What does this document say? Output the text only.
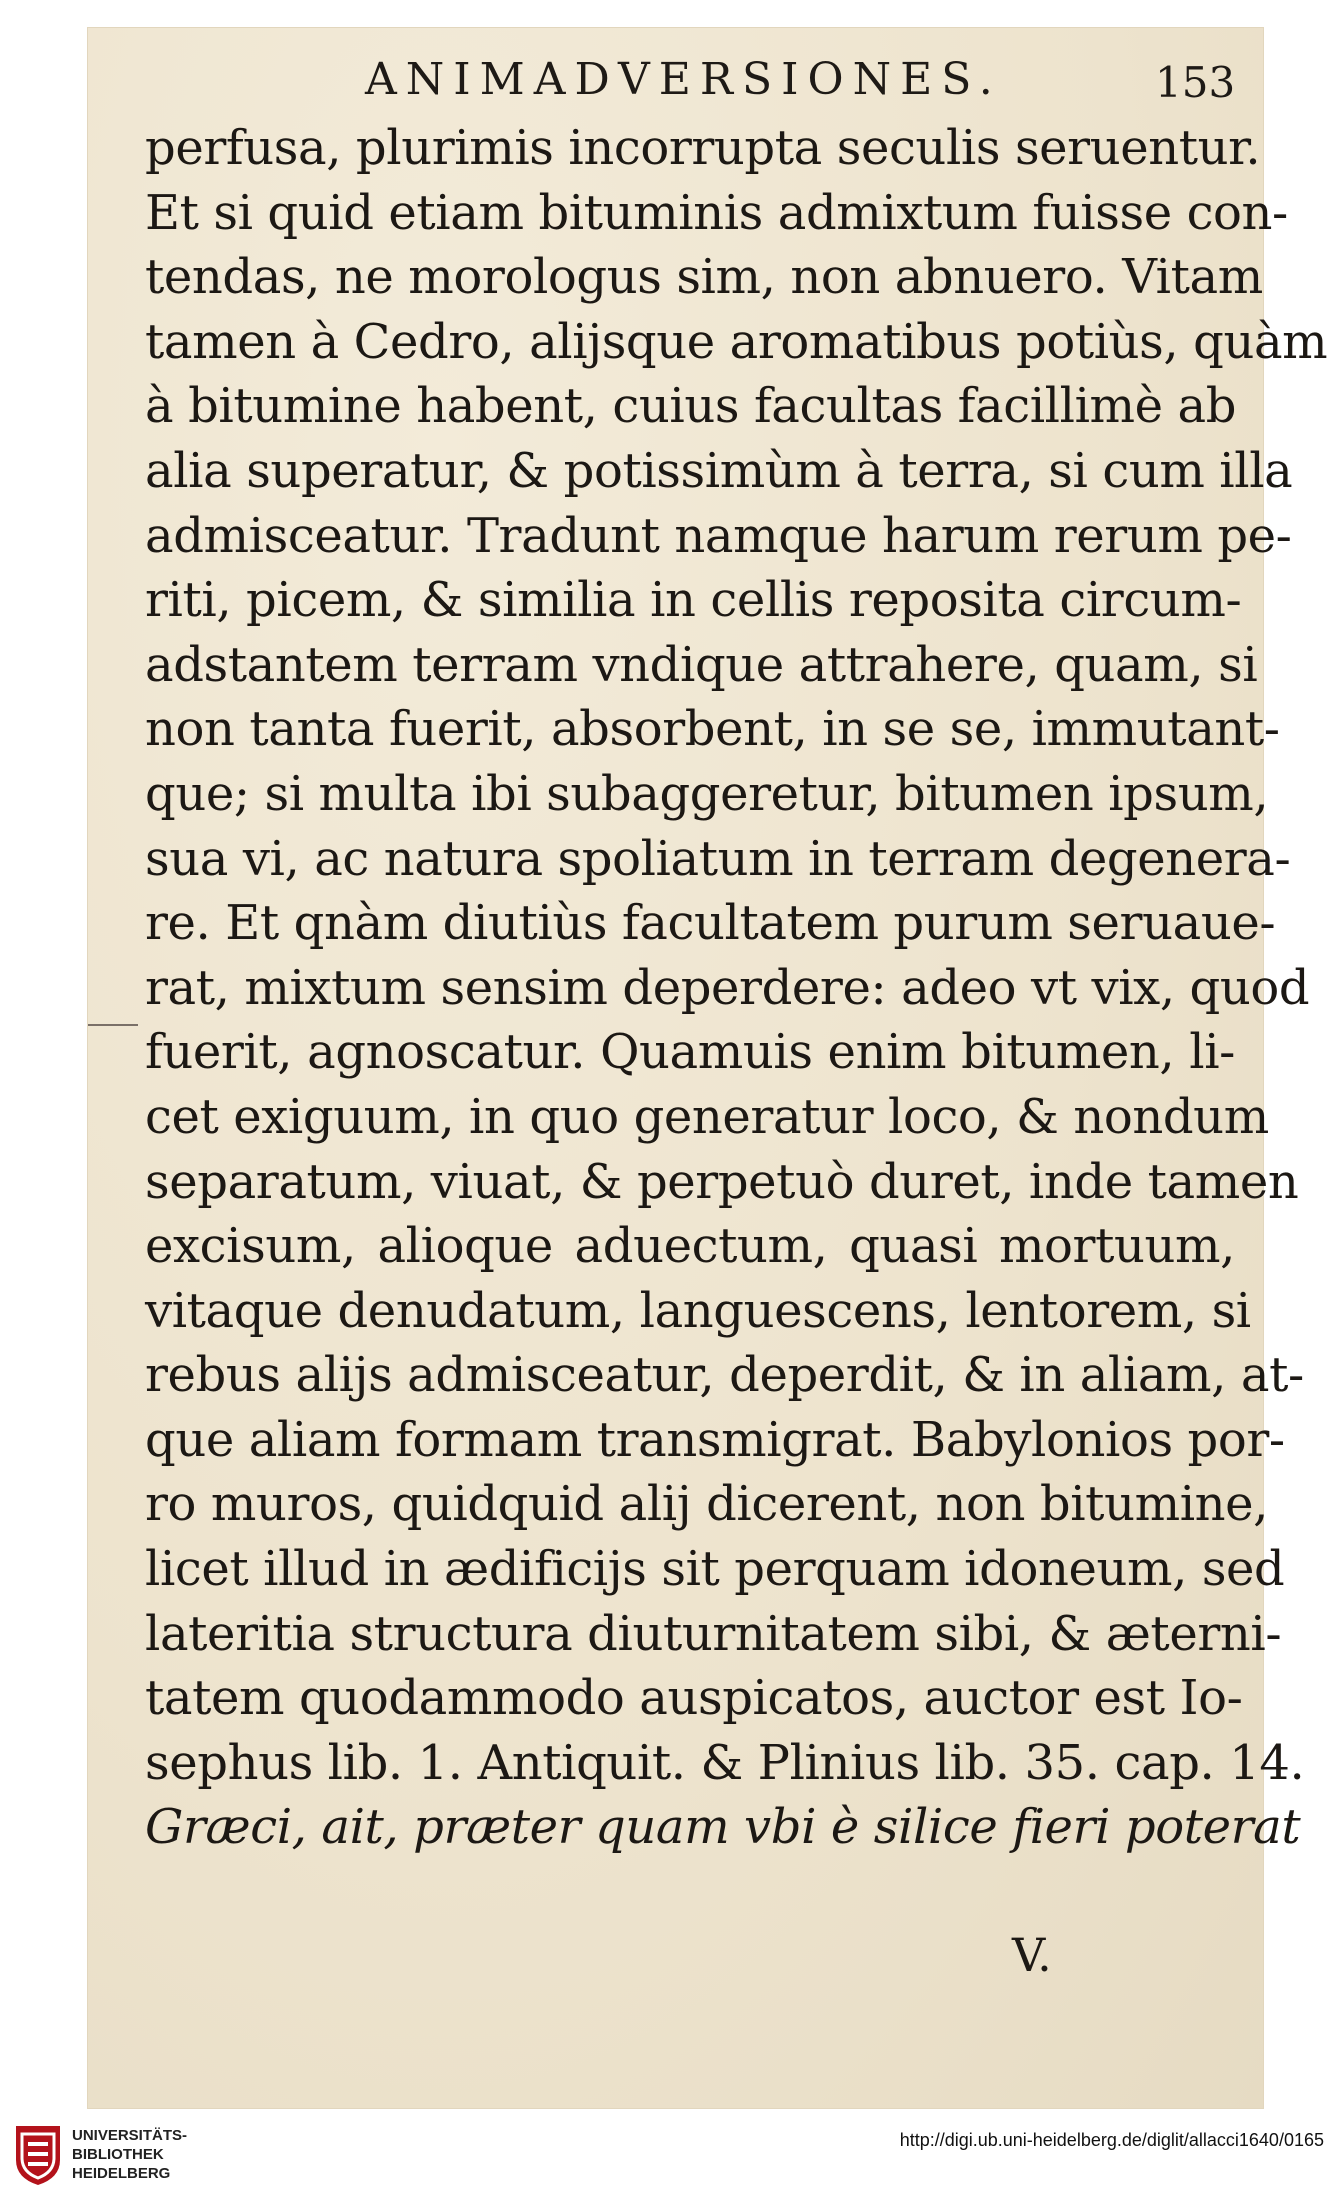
ANIMADVERSIONES.	153
perfusa, plurimis incorrupta seculis seruentur.
Et si quid etiam bituminis admixtum fuisse con-
tendas, ne morologus sim, non abnuero. Vitam
tamen à Cedro, alijsque aromatibus potiùs, quàm
à bitumine habent, cuius facultas facillimè ab
alia superatur, & potissimùm à terra, si cum illa
admisceatur. Tradunt namque harum rerum pe-
riti, picem, & similia in cellis reposita circum-
adstantem terram vndique attrahere, quam, si
non tanta fuerit, absorbent, in se se, immutant-
que; si multa ibi subaggeretur, bitumen ipsum,
sua vi, ac natura spoliatum in terram degenera-
re. Et qnàm diutiùs facultatem purum seruaue-
rat, mixtum sensim deperdere: adeo vt vix, quod
fuerit, agnoscatur. Quamuis enim bitumen, li-
cet exiguum, in quo generatur loco, & nondum
separatum, viuat, & perpetuò duret, inde tamen
excisum, alioque aduectum, quasi mortuum,
vitaque denudatum, languescens, lentorem, si
rebus alijs admisceatur, deperdit, & in aliam, at-
que aliam formam transmigrat. Babylonios por-
ro muros, quidquid alij dicerent, non bitumine,
licet illud in ædificijs sit perquam idoneum, sed
lateritia structura diuturnitatem sibi, & æterni-
tatem quodammodo auspicatos, auctor est Io-
sephus lib. 1. Antiquit. & Plinius lib. 35. cap. 14.
Græci, ait, præter quam vbi è silice fieri poterat
V.
UNIVERSITÄTS-
BIBLIOTHEK
HEIDELBERG
http://digi.ub.uni-heidelberg.de/diglit/allacci1640/0165
